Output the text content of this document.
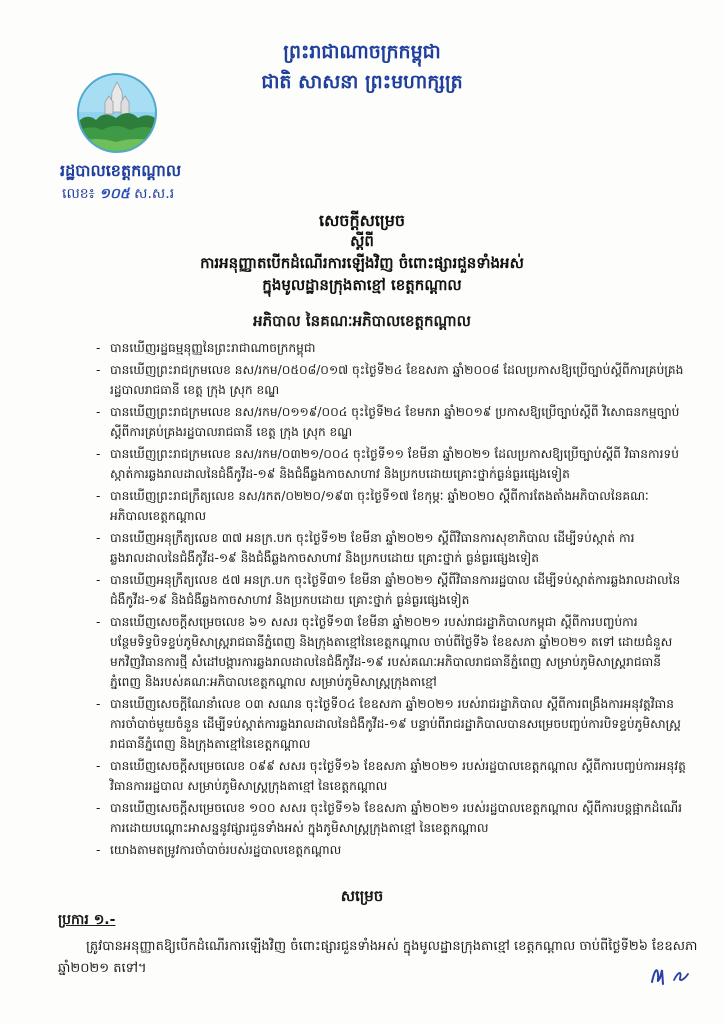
ព្រះរាជាណាចក្រកម្ពុជា
ជាតិ សាសនា ព្រះមហាក្សត្រ
រដ្ឋបាលខេត្តកណ្ដាល
លេខ៖ ១០៥ ស.ស.រ
សេចក្ដីសម្រេច
ស្ដីពី
ការអនុញ្ញាតបើកដំណើរការឡើងវិញ ចំពោះផ្សារជួនទាំងអស់
ក្នុងមូលដ្ឋានក្រុងតាខ្មៅ ខេត្តកណ្ដាល
អភិបាល នៃគណៈអភិបាលខេត្តកណ្ដាល
- បានឃើញរដ្ឋធម្មនុញ្ញនៃព្រះរាជាណាចក្រកម្ពុជា
- បានឃើញព្រះរាជក្រមលេខ នស/រកម/០៥០៨/០១៧ ចុះថ្ងៃទី២៤ ខែឧសភា ឆ្នាំ២០០៨ ដែលប្រកាសឱ្យប្រើច្បាប់ស្តីពីការគ្រប់គ្រងរដ្ឋបាលរាជធានី ខេត្ត ក្រុង ស្រុក ខណ្ឌ
- បានឃើញព្រះរាជក្រមលេខ នស/រកម/០១១៩/០០៤ ចុះថ្ងៃទី២៤ ខែមករា ឆ្នាំ២០១៩ ប្រកាសឱ្យប្រើច្បាប់ស្តីពី វិសោធនកម្មច្បាប់ ស្តីពីការគ្រប់គ្រងរដ្ឋបាលរាជធានី ខេត្ត ក្រុង ស្រុក ខណ្ឌ
- បានឃើញព្រះរាជក្រមលេខ នស/រកម/០៣២១/០០៤ ចុះថ្ងៃទី១១ ខែមីនា ឆ្នាំ២០២១ ដែលប្រកាសឱ្យប្រើច្បាប់ស្តីពី វិធានការទប់ស្កាត់ការឆ្លងរាលដាលនៃជំងឺកូវីដ-១៩ និងជំងឺឆ្លងកាចសាហាវ និងប្រកបដោយគ្រោះថ្នាក់ធ្ងន់ធ្ងរផ្សេងទៀត
- បានឃើញព្រះរាជក្រឹត្យលេខ នស/រកត/០២២០/១៩៣ ចុះថ្ងៃទី១៧ ខែកុម្ភៈ ឆ្នាំ២០២០ ស្តីពីការតែងតាំងអភិបាលនៃគណៈអភិបាលខេត្តកណ្ដាល
- បានឃើញអនុក្រឹត្យលេខ ៣៧ អនក្រ.បក ចុះថ្ងៃទី១២ ខែមីនា ឆ្នាំ២០២១ ស្តីពីវិធានការសុខាភិបាល ដើម្បីទប់ស្កាត់ ការឆ្លងរាលដាលនៃជំងឺកូវីដ-១៩ និងជំងឺឆ្លងកាចសាហាវ និងប្រកបដោយ គ្រោះថ្នាក់ ធ្ងន់ធ្ងរផ្សេងទៀត
- បានឃើញអនុក្រឹត្យលេខ ៥៧ អនក្រ.បក ចុះថ្ងៃទី៣១ ខែមីនា ឆ្នាំ២០២១ ស្តីពីវិធានការរដ្ឋបាល ដើម្បីទប់ស្កាត់ការឆ្លងរាលដាលនៃជំងឺកូវីដ-១៩ និងជំងឺឆ្លងកាចសាហាវ និងប្រកបដោយ គ្រោះថ្នាក់ ធ្ងន់ធ្ងរផ្សេងទៀត
- បានឃើញសេចក្តីសម្រេចលេខ ៦១ សសរ ចុះថ្ងៃទី១៣ ខែមីនា ឆ្នាំ២០២១ របស់រាជរដ្ឋាភិបាលកម្ពុជា ស្តីពីការបញ្ចប់ការបន្ថែមទិទ្ធបិទខ្ទប់ភូមិសាស្ត្ររាជធានីភ្នំពេញ និងក្រុងតាខ្មៅនៃខេត្តកណ្ដាល ចាប់ពីថ្ងៃទី៦ ខែឧសភា ឆ្នាំ២០២១ តទៅ ដោយជំនួសមកវិញវិធានការថ្មី សំដៅបង្ការការឆ្លងរាលដាលនៃជំងឺកូវីដ-១៩ របស់គណៈអភិបាលរាជធានីភ្នំពេញ សម្រាប់ភូមិសាស្ត្ររាជធានីភ្នំពេញ និងរបស់គណៈអភិបាលខេត្តកណ្ដាល សម្រាប់ភូមិសាស្ត្រក្រុងតាខ្មៅ
- បានឃើញសេចក្តីណែនាំលេខ ០៣ សណន ចុះថ្ងៃទី០៤ ខែឧសភា ឆ្នាំ២០២១ របស់រាជរដ្ឋាភិបាល ស្តីពីការពង្រឹងការអនុវត្តវិធានការចាំបាច់មួយចំនួន ដើម្បីទប់ស្កាត់ការឆ្លងរាលដាលនៃជំងឺកូវីដ-១៩ បន្ទាប់ពីរាជរដ្ឋាភិបាលបានសម្រេចបញ្ចប់ការបិទខ្ទប់ភូមិសាស្ត្ររាជធានីភ្នំពេញ និងក្រុងតាខ្មៅនៃខេត្តកណ្ដាល
- បានឃើញសេចក្តីសម្រេចលេខ ០៩៩ សសរ ចុះថ្ងៃទី១៦ ខែឧសភា ឆ្នាំ២០២១ របស់រដ្ឋបាលខេត្តកណ្ដាល ស្តីពីការបញ្ចប់ការអនុវត្តវិធានការរដ្ឋបាល សម្រាប់ភូមិសាស្ត្រក្រុងតាខ្មៅ នៃខេត្តកណ្ដាល
- បានឃើញសេចក្តីសម្រេចលេខ ១០០ សសរ ចុះថ្ងៃទី១៦ ខែឧសភា ឆ្នាំ២០២១ របស់រដ្ឋបាលខេត្តកណ្ដាល ស្តីពីការបន្តផ្អាកដំណើរការដោយបណ្ដោះអាសន្ននូវផ្សារជួនទាំងអស់ ក្នុងភូមិសាស្ត្រក្រុងតាខ្មៅ នៃខេត្តកណ្ដាល
- យោងតាមតម្រូវការចាំបាច់របស់រដ្ឋបាលខេត្តកណ្ដាល
សម្រេច
ប្រការ ១.-
ត្រូវបានអនុញ្ញាតឱ្យបើកដំណើរការឡើងវិញ ចំពោះផ្សារជួនទាំងអស់ ក្នុងមូលដ្ឋានក្រុងតាខ្មៅ ខេត្តកណ្ដាល ចាប់ពីថ្ងៃទី២៦ ខែឧសភា ឆ្នាំ២០២១ តទៅ។
